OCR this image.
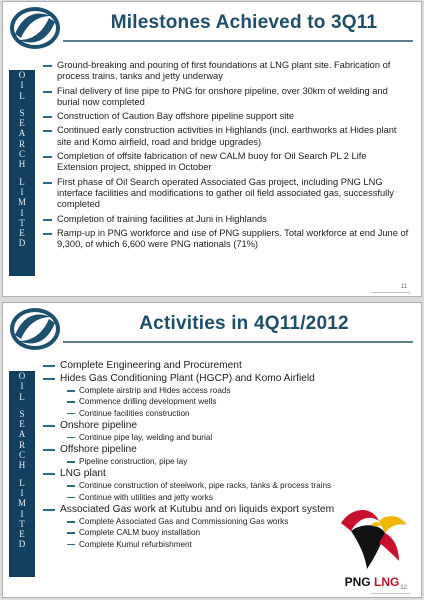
Milestones Achieved to 3Q11
O
I
L
S
E
A
R
C
H
L
I
M
I
T
E
D
Ground-breaking and pouring of first foundations at LNG plant site. Fabrication of process trains, tanks and jetty underway
Final delivery of line pipe to PNG for onshore pipeline, over 30km of welding and burial now completed
Construction of Caution Bay offshore pipeline support site
Continued early construction activities in Highlands (incl. earthworks at Hides plant site and Komo airfield, road and bridge upgrades)
Completion of offsite fabrication of new CALM buoy for Oil Search PL 2 Life Extension project, shipped in October
First phase of Oil Search operated Associated Gas project, including PNG LNG interface facilities and modifications to gather oil field associated gas, successfully completed
Completion of training facilities at Juni in Highlands
Ramp-up in PNG workforce and use of PNG suppliers. Total workforce at end June of 9,300, of which 6,600 were PNG nationals (71%)
11
Activities in 4Q11/2012
O
I
L
S
E
A
R
C
H
L
I
M
I
T
E
D
Complete Engineering and Procurement
Hides Gas Conditioning Plant (HGCP) and Komo Airfield
Complete airstrip and Hides access roads
Commence drilling development wells
Continue facilities construction
Onshore pipeline
Continue pipe lay, welding and burial
Offshore pipeline
Pipeline construction, pipe lay
LNG plant
Continue construction of steelwork, pipe racks, tanks & process trains
Continue with utilities and jetty works
Associated Gas work at Kutubu and on liquids export system
Complete Associated Gas and Commissioning Gas works
Complete CALM buoy installation
Complete Kumul refurbishment
PNG LNG 12
